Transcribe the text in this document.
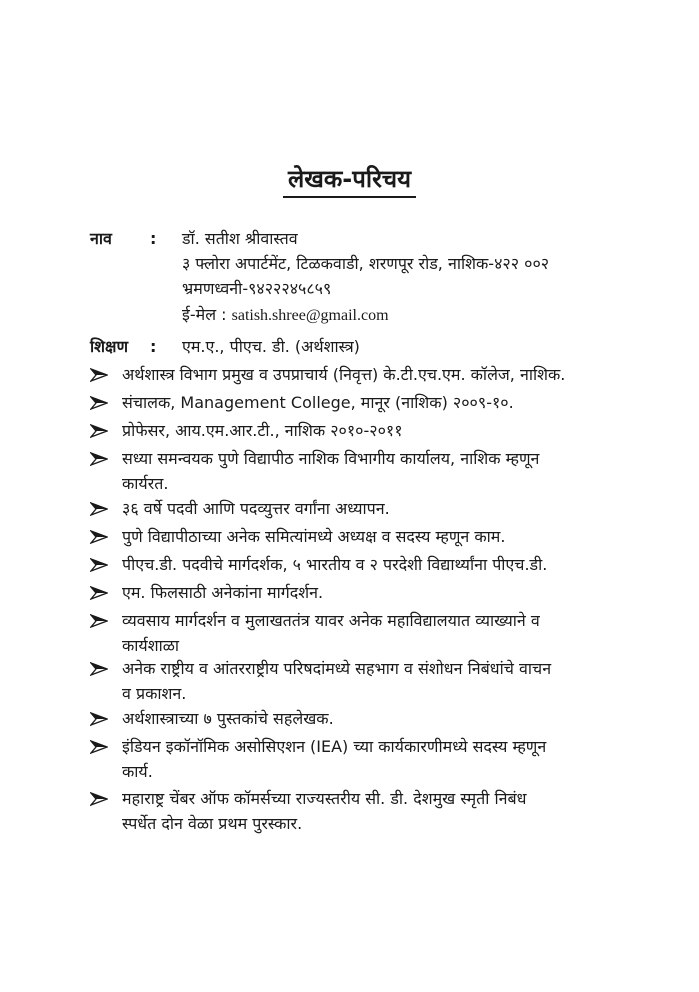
लेखक-परिचय
नाव : डॉ. सतीश श्रीवास्तव
३ फ्लोरा अपार्टमेंट, टिळकवाडी, शरणपूर रोड, नाशिक-४२२ ००२
भ्रमणध्वनी-९४२२२४५८५९
ई-मेल : satish.shree@gmail.com
शिक्षण : एम.ए., पीएच. डी. (अर्थशास्त्र)
अर्थशास्त्र विभाग प्रमुख व उपप्राचार्य (निवृत्त) के.टी.एच.एम. कॉलेज, नाशिक.
संचालक, Management College, मानूर (नाशिक) २००९-१०.
प्रोफेसर, आय.एम.आर.टी., नाशिक २०१०-२०११
सध्या समन्वयक पुणे विद्यापीठ नाशिक विभागीय कार्यालय, नाशिक म्हणून
कार्यरत.
३६ वर्षे पदवी आणि पदव्युत्तर वर्गांना अध्यापन.
पुणे विद्यापीठाच्या अनेक समित्यांमध्ये अध्यक्ष व सदस्य म्हणून काम.
पीएच.डी. पदवीचे मार्गदर्शक, ५ भारतीय व २ परदेशी विद्यार्थ्यांना पीएच.डी.
एम. फिलसाठी अनेकांना मार्गदर्शन.
व्यवसाय मार्गदर्शन व मुलाखततंत्र यावर अनेक महाविद्यालयात व्याख्याने व
कार्यशाळा
अनेक राष्ट्रीय व आंतरराष्ट्रीय परिषदांमध्ये सहभाग व संशोधन निबंधांचे वाचन
व प्रकाशन.
अर्थशास्त्राच्या ७ पुस्तकांचे सहलेखक.
इंडियन इकॉनॉमिक असोसिएशन (IEA) च्या कार्यकारणीमध्ये सदस्य म्हणून
कार्य.
महाराष्ट्र चेंबर ऑफ कॉमर्सच्या राज्यस्तरीय सी. डी. देशमुख स्मृती निबंध
स्पर्धेत दोन वेळा प्रथम पुरस्कार.
